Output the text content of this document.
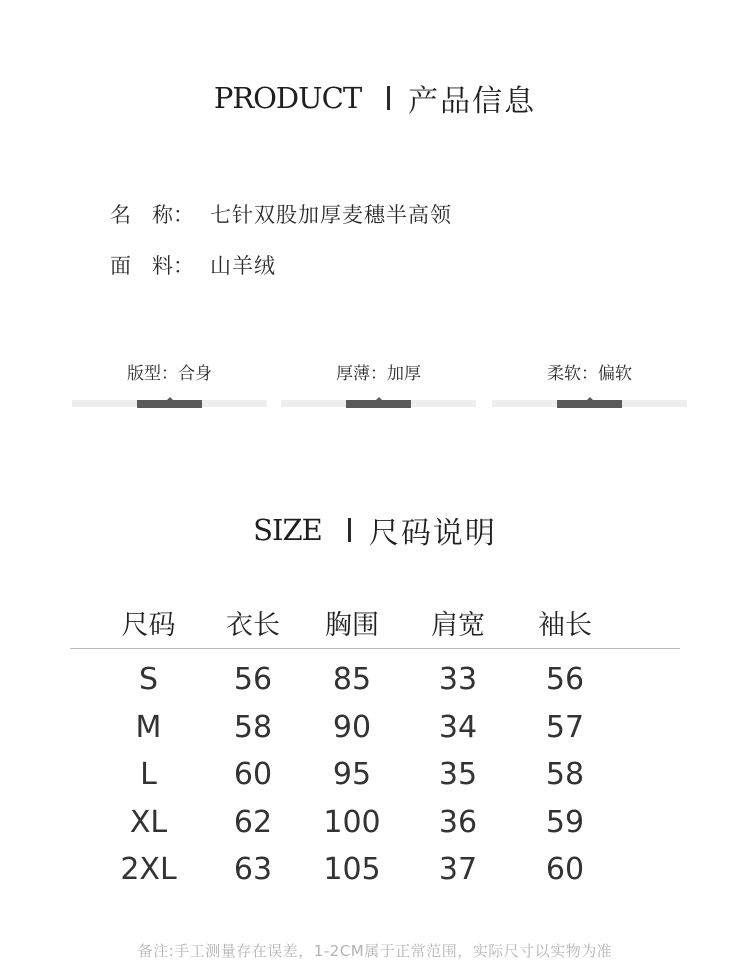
PRODUCT 产品信息
名　称： 七针双股加厚麦穗半高领
面　料： 山羊绒
版型：合身	厚薄：加厚	柔软：偏软
SIZE 尺码说明
尺码	衣长	胸围	肩宽	袖长
S	56	85	33	56
M	58	90	34	57
L	60	95	35	58
XL	62	100	36	59
2XL	63	105	37	60
备注:手工测量存在误差，1-2CM属于正常范围，实际尺寸以实物为准
